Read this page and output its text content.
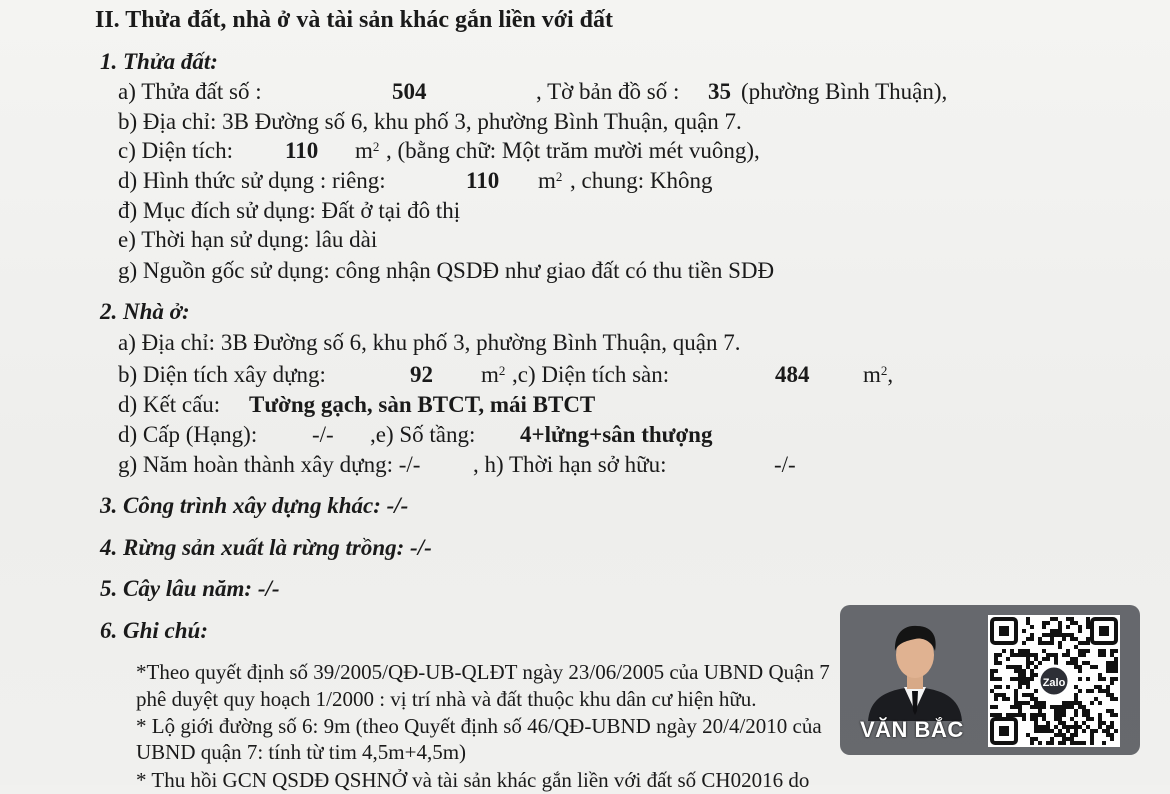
II. Thửa đất, nhà ở và tài sản khác gắn liền với đất
1. Thửa đất:
a) Thửa đất số :	504	, Tờ bản đồ số : 35 (phường Bình Thuận),
b) Địa chỉ: 3B Đường số 6, khu phố 3, phường Bình Thuận, quận 7.
c) Diện tích: 110 $m^2$ , (bằng chữ: Một trăm mười mét vuông),
d) Hình thức sử dụng : riêng:	110 $m^2$ , chung: Không
đ) Mục đích sử dụng: Đất ở tại đô thị
e) Thời hạn sử dụng: lâu dài
g) Nguồn gốc sử dụng: công nhận QSDĐ như giao đất có thu tiền SDĐ
2. Nhà ở:
a) Địa chỉ: 3B Đường số 6, khu phố 3, phường Bình Thuận, quận 7.
b) Diện tích xây dựng:	92 $m^2$ ,c) Diện tích sàn:	484 $m^2$,
d) Kết cấu: Tường gạch, sàn BTCT, mái BTCT
d) Cấp (Hạng): -/- ,e) Số tầng: 4+lửng+sân thượng
g) Năm hoàn thành xây dựng: -/- , h) Thời hạn sở hữu:	-/-
3. Công trình xây dựng khác: -/-
4. Rừng sản xuất là rừng trồng: -/-
5. Cây lâu năm: -/-
6. Ghi chú:
*Theo quyết định số 39/2005/QĐ-UB-QLĐT ngày 23/06/2005 của UBND Quận 7
phê duyệt quy hoạch 1/2000 : vị trí nhà và đất thuộc khu dân cư hiện hữu.
* Lộ giới đường số 6: 9m (theo Quyết định số 46/QĐ-UBND ngày 20/4/2010 của
UBND quận 7: tính từ tim 4,5m+4,5m)
* Thu hồi GCN QSDĐ QSHNỞ và tài sản khác gắn liền với đất số CH02016 do
VĂN BẮC
Zalo
